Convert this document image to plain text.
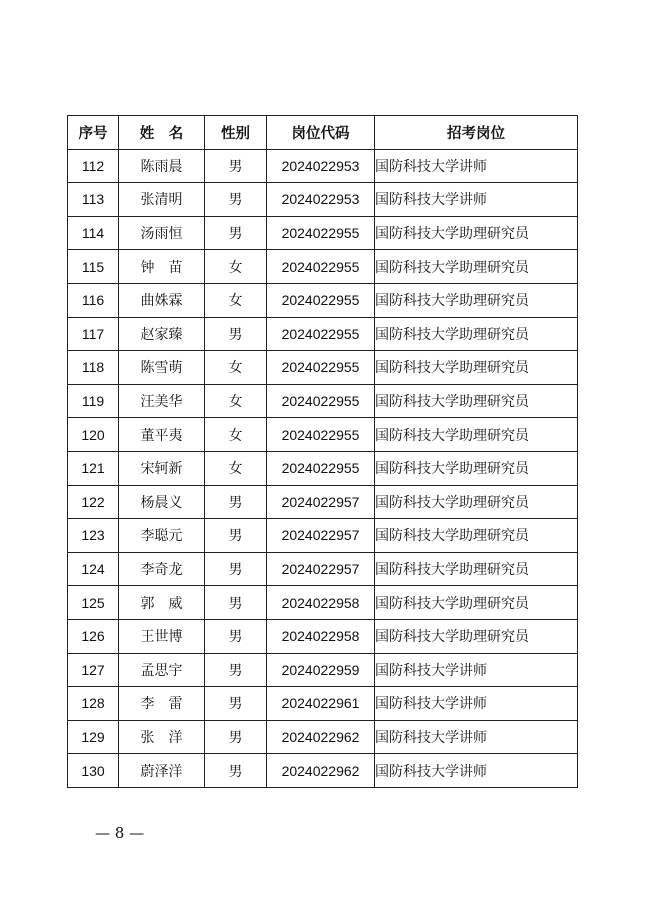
序号	姓　名	性别	岗位代码	招考岗位
112	陈雨晨	男	2024022953	国防科技大学讲师
113	张清明	男	2024022953	国防科技大学讲师
114	汤雨恒	男	2024022955	国防科技大学助理研究员
115	钟　苗	女	2024022955	国防科技大学助理研究员
116	曲姝霖	女	2024022955	国防科技大学助理研究员
117	赵家臻	男	2024022955	国防科技大学助理研究员
118	陈雪萌	女	2024022955	国防科技大学助理研究员
119	汪美华	女	2024022955	国防科技大学助理研究员
120	董平夷	女	2024022955	国防科技大学助理研究员
121	宋轲新	女	2024022955	国防科技大学助理研究员
122	杨晨义	男	2024022957	国防科技大学助理研究员
123	李聪元	男	2024022957	国防科技大学助理研究员
124	李奇龙	男	2024022957	国防科技大学助理研究员
125	郭　威	男	2024022958	国防科技大学助理研究员
126	王世博	男	2024022958	国防科技大学助理研究员
127	孟思宇	男	2024022959	国防科技大学讲师
128	李　雷	男	2024022961	国防科技大学讲师
129	张　洋	男	2024022962	国防科技大学讲师
130	蔚泽洋	男	2024022962	国防科技大学讲师
— 8 —
